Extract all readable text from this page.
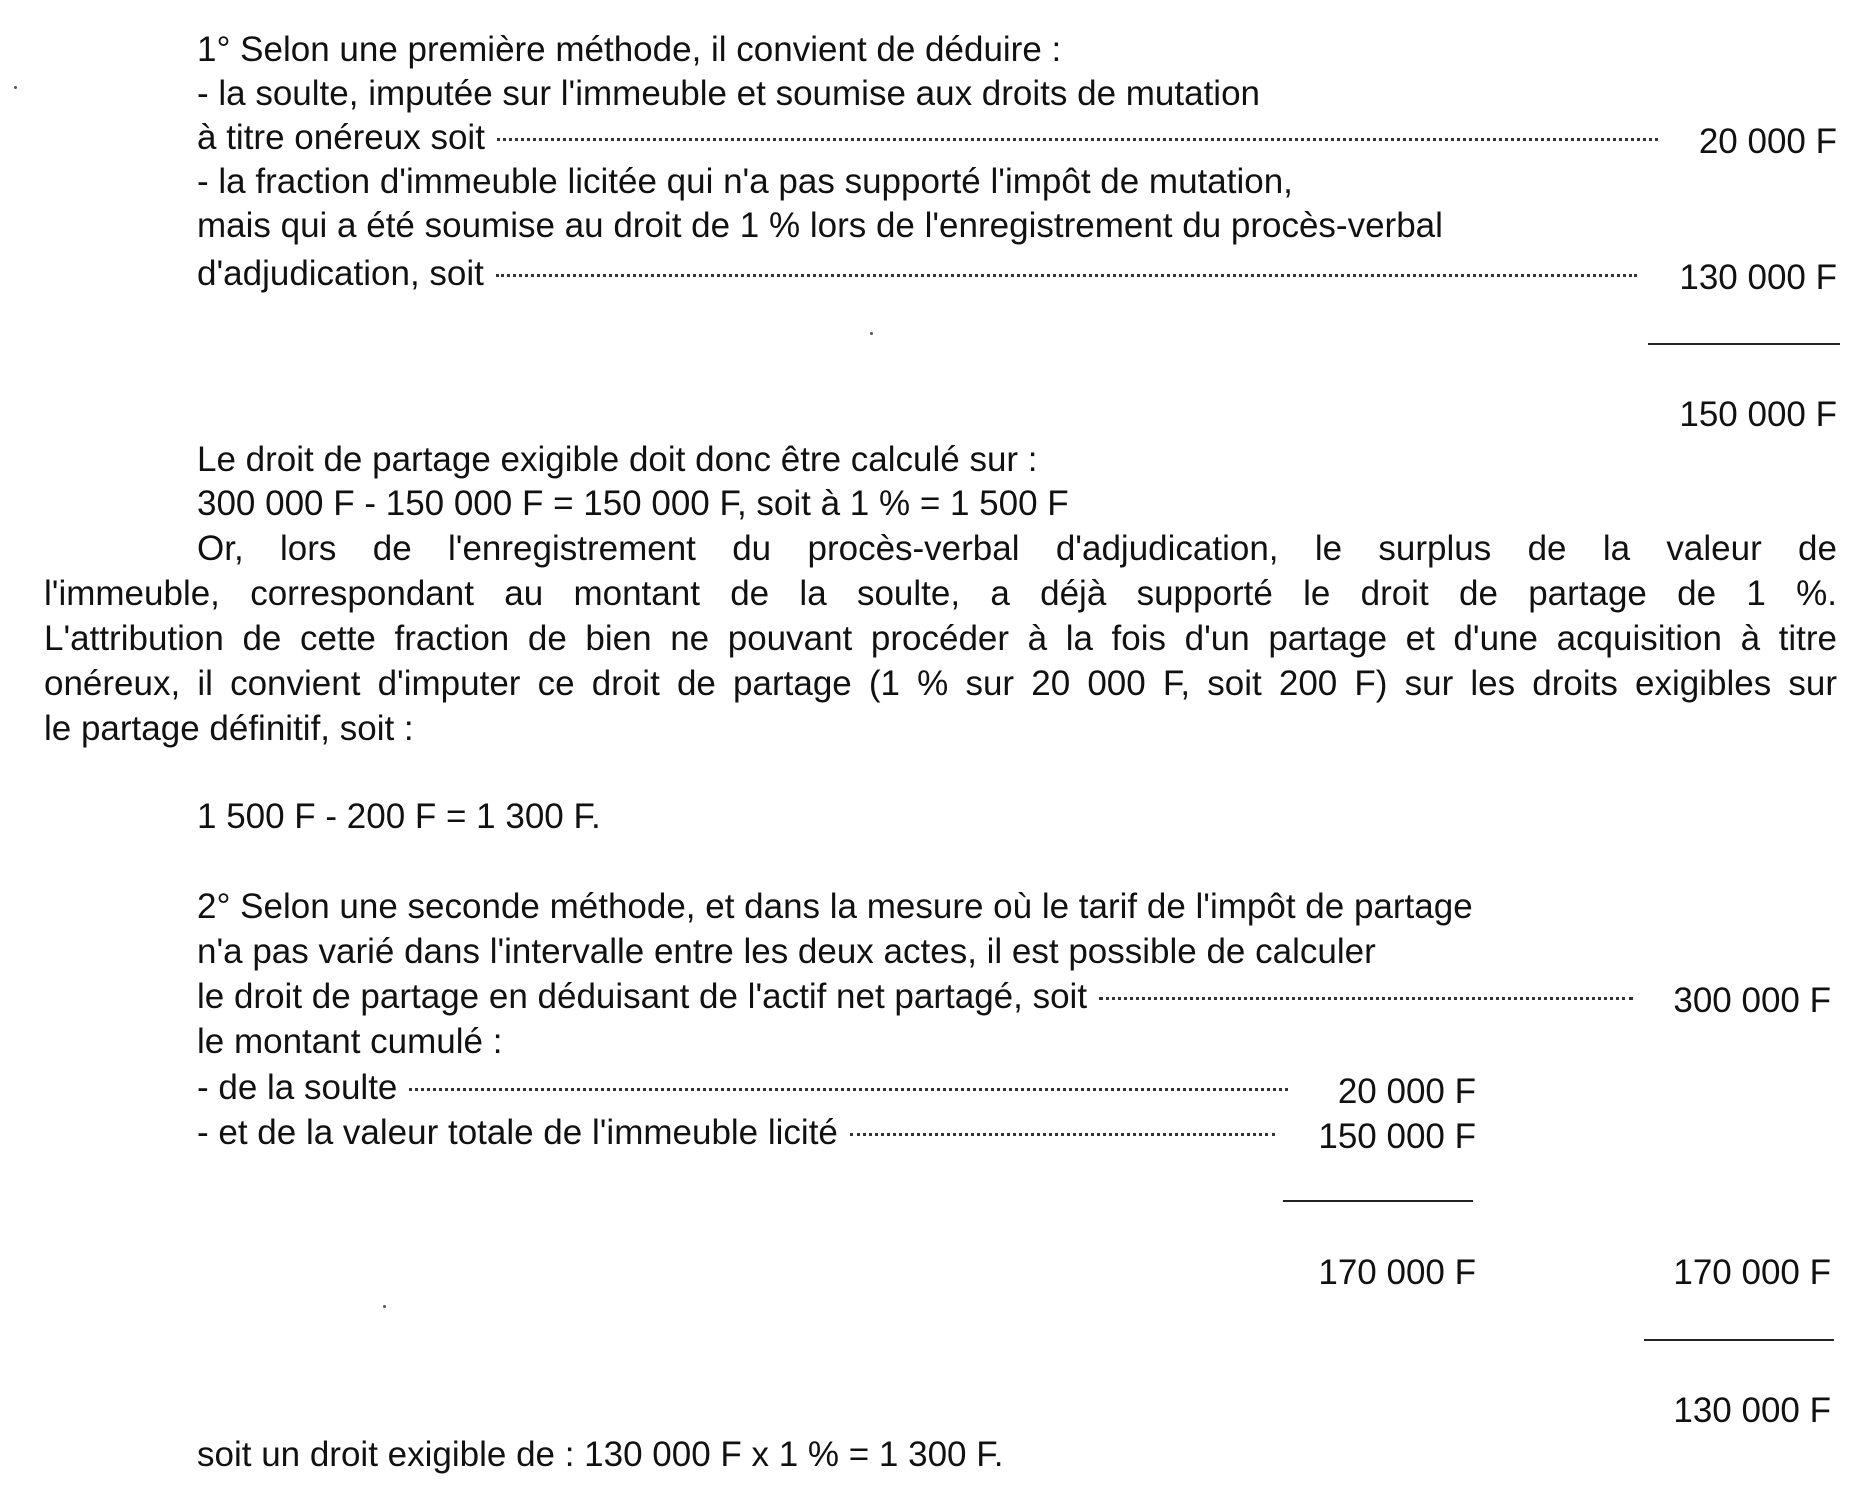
1° Selon une première méthode, il convient de déduire :
- la soulte, imputée sur l'immeuble et soumise aux droits de mutation
à titre onéreux soit	20 000 F
- la fraction d'immeuble licitée qui n'a pas supporté l'impôt de mutation,
mais qui a été soumise au droit de 1 % lors de l'enregistrement du procès-verbal
d'adjudication, soit	130 000 F
150 000 F
Le droit de partage exigible doit donc être calculé sur :
300 000 F - 150 000 F = 150 000 F, soit à 1 % = 1 500 F
Or, lors de l'enregistrement du procès-verbal d'adjudication, le surplus de la valeur de
l'immeuble, correspondant au montant de la soulte, a déjà supporté le droit de partage de 1 %.
L'attribution de cette fraction de bien ne pouvant procéder à la fois d'un partage et d'une acquisition à titre
onéreux, il convient d'imputer ce droit de partage (1 % sur 20 000 F, soit 200 F) sur les droits exigibles sur
le partage définitif, soit :
1 500 F - 200 F = 1 300 F.
2° Selon une seconde méthode, et dans la mesure où le tarif de l'impôt de partage
n'a pas varié dans l'intervalle entre les deux actes, il est possible de calculer
le droit de partage en déduisant de l'actif net partagé, soit	300 000 F
le montant cumulé :
- de la soulte	20 000 F
- et de la valeur totale de l'immeuble licité	150 000 F
170 000 F	170 000 F
130 000 F
soit un droit exigible de : 130 000 F x 1 % = 1 300 F.
